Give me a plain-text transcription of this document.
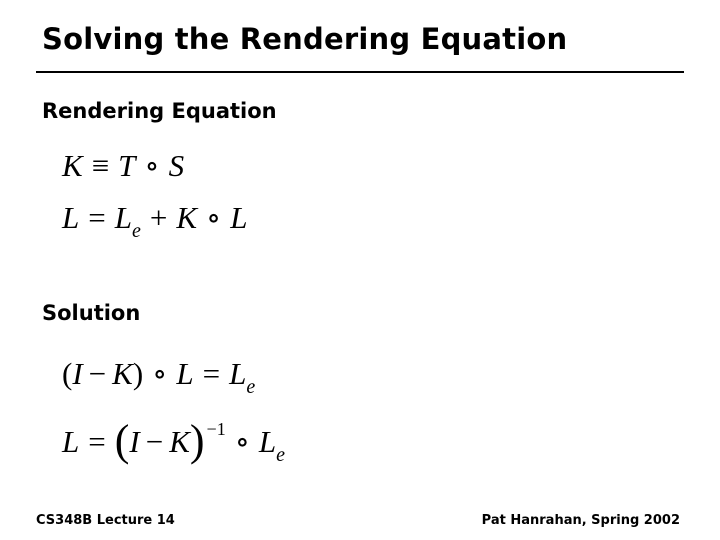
Solving the Rendering Equation
Rendering Equation
K ≡ T ∘ S
$L = L_e + K$ ∘ L
Solution
(I − K) ∘ $L = L_e$
L = (I − K) $^{-1}$ ∘ $L_e$
CS348B Lecture 14	Pat Hanrahan, Spring 2002
